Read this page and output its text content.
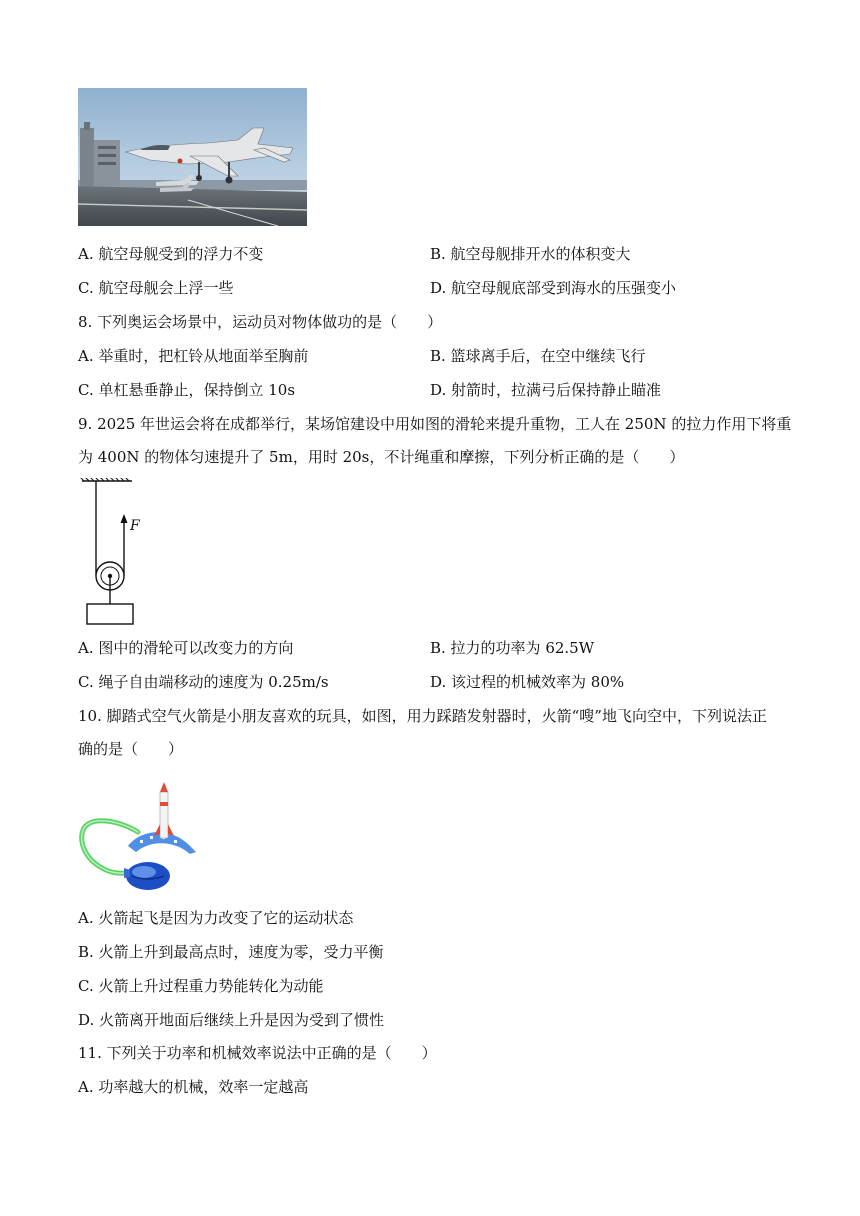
A. 航空母舰受到的浮力不变	B. 航空母舰排开水的体积变大
C. 航空母舰会上浮一些	D. 航空母舰底部受到海水的压强变小
8. 下列奥运会场景中，运动员对物体做功的是（　　）
A. 举重时，把杠铃从地面举至胸前	B. 篮球离手后，在空中继续飞行
C. 单杠悬垂静止，保持倒立 10s	D. 射箭时，拉满弓后保持静止瞄准
9. 2025 年世运会将在成都举行，某场馆建设中用如图的滑轮来提升重物，工人在 250N 的拉力作用下将重
为 400N 的物体匀速提升了 5m，用时 20s，不计绳重和摩擦，下列分析正确的是（　　）
F
A. 图中的滑轮可以改变力的方向	B. 拉力的功率为 62.5W
C. 绳子自由端移动的速度为 0.25m/s	D. 该过程的机械效率为 80%
10. 脚踏式空气火箭是小朋友喜欢的玩具，如图，用力踩踏发射器时，火箭“嗖”地飞向空中，下列说法正
确的是（　　）
A. 火箭起飞是因为力改变了它的运动状态
B. 火箭上升到最高点时，速度为零，受力平衡
C. 火箭上升过程重力势能转化为动能
D. 火箭离开地面后继续上升是因为受到了惯性
11. 下列关于功率和机械效率说法中正确的是（　　）
A. 功率越大的机械，效率一定越高
